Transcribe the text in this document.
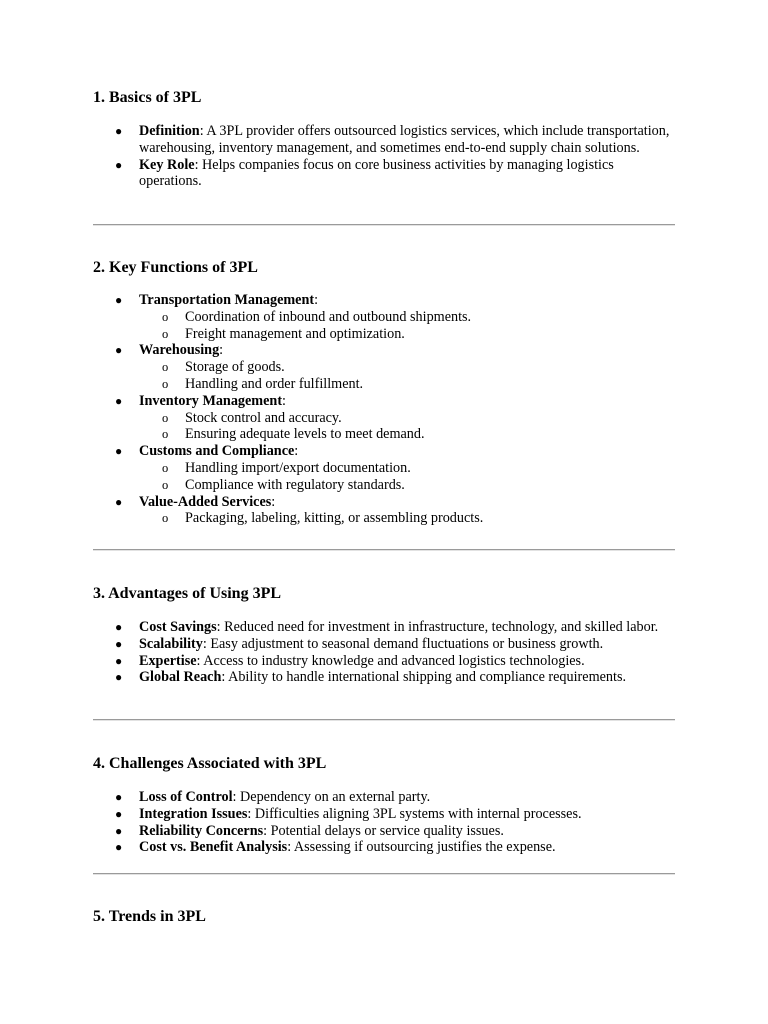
1. Basics of 3PL
● Definition: A 3PL provider offers outsourced logistics services, which include transportation, warehousing, inventory management, and sometimes end-to-end supply chain solutions.
● Key Role: Helps companies focus on core business activities by managing logistics operations.
2. Key Functions of 3PL
● Transportation Management:
o Coordination of inbound and outbound shipments.
o Freight management and optimization.
● Warehousing:
o Storage of goods.
o Handling and order fulfillment.
● Inventory Management:
o Stock control and accuracy.
o Ensuring adequate levels to meet demand.
● Customs and Compliance:
o Handling import/export documentation.
o Compliance with regulatory standards.
● Value-Added Services:
o Packaging, labeling, kitting, or assembling products.
3. Advantages of Using 3PL
● Cost Savings: Reduced need for investment in infrastructure, technology, and skilled labor.
● Scalability: Easy adjustment to seasonal demand fluctuations or business growth.
● Expertise: Access to industry knowledge and advanced logistics technologies.
● Global Reach: Ability to handle international shipping and compliance requirements.
4. Challenges Associated with 3PL
● Loss of Control: Dependency on an external party.
● Integration Issues: Difficulties aligning 3PL systems with internal processes.
● Reliability Concerns: Potential delays or service quality issues.
● Cost vs. Benefit Analysis: Assessing if outsourcing justifies the expense.
5. Trends in 3PL
